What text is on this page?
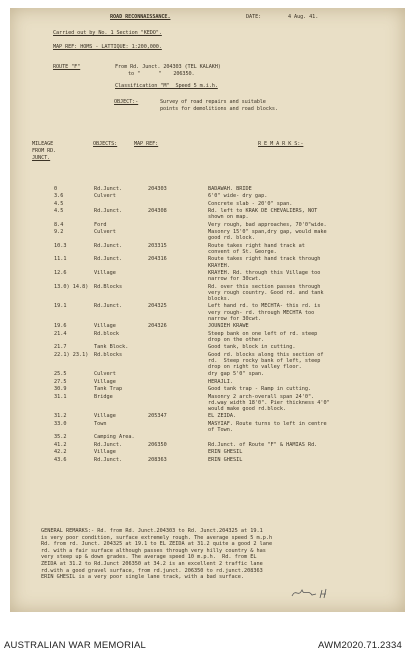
ROAD RECONNAISSANCE.	DATE:	4 Aug. 41.
Carried out by No. 1 Section "KEDO".
MAP REF: HOMS - LATTIQUE: 1:200,000.
ROUTE "F"	From Rd. Junct. 204303 (TEL KALAKH)
to "      "    206350.
Classification "M"  Speed 5 m.i.h.
OBJECT:-	Survey of road repairs and suitable
points for demolitions and road blocks.
MILEAGE
FROM RD.
JUNCT.
OBJECTS:	MAP REF:	R E M A R K S:-
0	Rd.Junct.	204303	BADAWAH. BRIDE
3.6	Culvert	6'0" wide- dry gap.
4.5	Concrete slab - 20'0" span.
4.5	Rd.Junct.	204308	Rd. left to KRAK DE CHEVALIERS, NOT
shown on map.
8.4	Ford	Very rough, bad approaches, 70'0"wide.
9.2	Culvert	Masonry 15'0" span,dry gap, would make
good rd. block.
10.3	Rd.Junct.	203315	Route takes right hand track at
convent of St. George.
11.1	Rd.Junct.	204316	Route takes right hand track through
KRAYEH.
12.6	Village	KRAYEH. Rd. through this Village too
narrow for 30cwt.
13.0) 14.8) Rd.Blocks	Rd. over this section passes through
very rough country. Good rd. and tank
blocks.
19.1	Rd.Junct.	204325	Left hand rd. to MECHTA- this rd. is
very rough- rd. through MECHTA too
narrow for 30cwt.
19.6	Village	204326	JOUNIEH KRAWE
21.4	Rd.block	Steep bank on one left of rd. steep
drop on the other.
21.7	Tank Block.	Good tank, block in cutting.
22.1) 23.1) Rd.blocks	Good rd. blocks along this section of
rd.  Steep rocky bank of left, steep
drop on right to valley floor.
25.5	Culvert	dry gap 5'0" span.
27.5	Village	HERAJLI.
30.9	Tank Trap	Good tank trap - Ramp in cutting.
31.1	Bridge	Masonry 2 arch-overall span 24'0".
rd.way width 18'0". Pier thickness 4'0"
would make good rd.block.
31.2	Village	205347	EL ZEIDA.
33.0	Town	MASYIAF. Route turns to left in centre
of Town.
35.2	Camping Area.
41.2	Rd.Junct.	206350	Rd.Junct. of Route "F" & HAMIAS Rd.
42.2	Village	ERIN GHESIL
43.6	Rd.Junct.	208363	ERIN GHESIL
GENERAL REMARKS:- Rd. from Rd. Junct.204303 to Rd. Junct.204325 at 19.1
is very poor condition, surface extremely rough. The average speed 5 m.p.h
Rd. from rd. Junct. 204325 at 19.1 to EL ZEIDA at 31.2 quite a good 2 lane
rd. with a fair surface although passes through very hilly country & has
very steep up & down grades. The average speed 10 m.p.h.  Rd. from EL
ZEIDA at 31.2 to Rd.Junct 206350 at 34.2 is an excellent 2 traffic lane
rd.with a good gravel surface, from rd.junct. 206350 to rd.junct.208363
ERIN GHESIL is a very poor single lane track, with a bad surface.
AUSTRALIAN WAR MEMORIAL	AWM2020.71.2334
